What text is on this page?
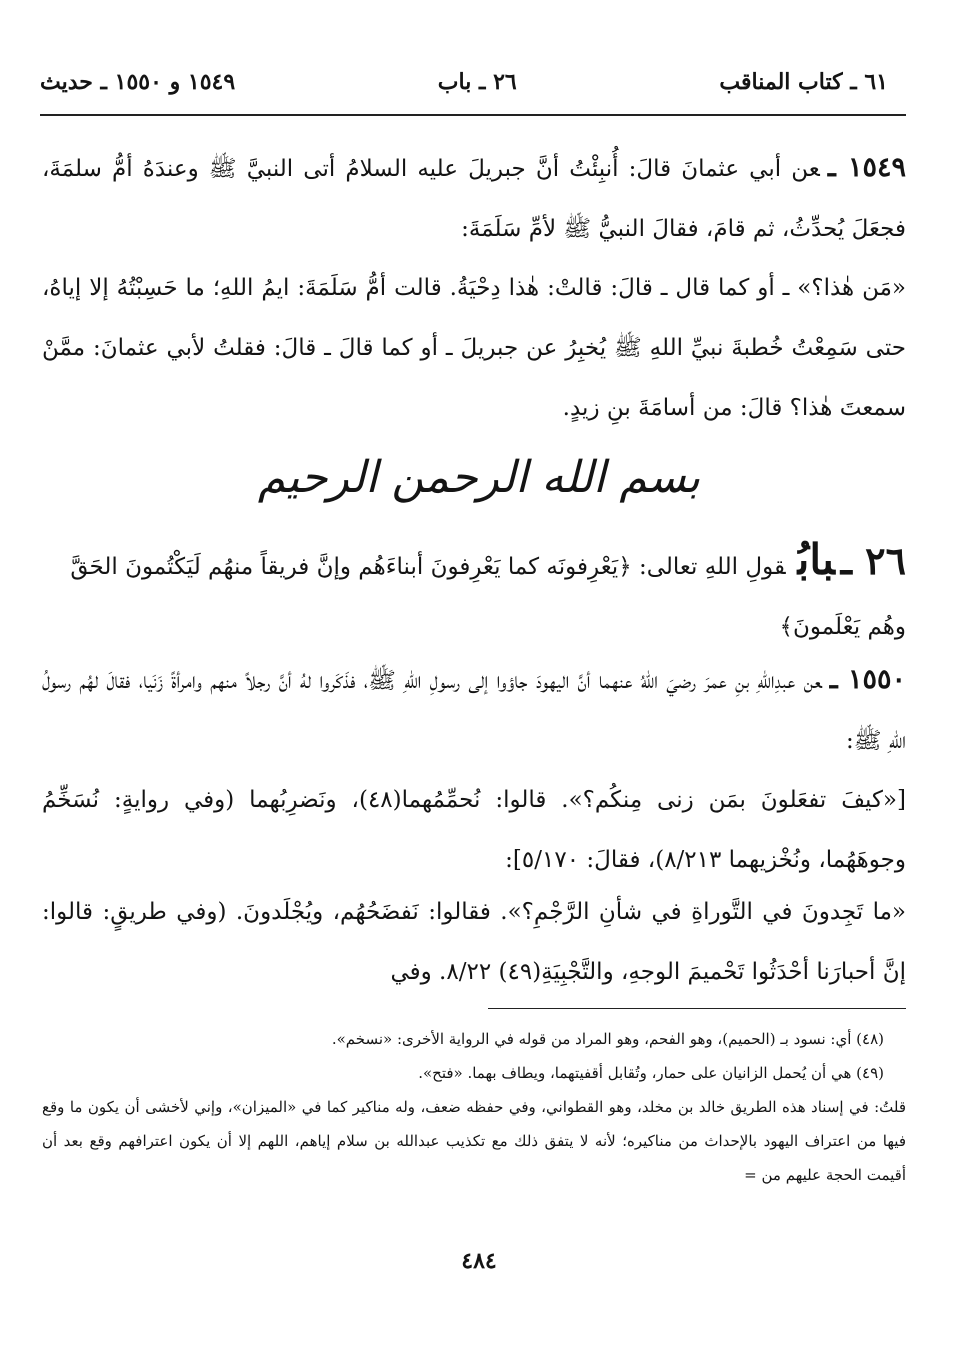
٦١ ـ كتاب المناقب
٢٦ ـ باب
١٥٤٩ و ١٥٥٠ ـ حديث
١٥٤٩ ـعن أبي عثمانَ قالَ: أُنبِئْتُ أنَّ جبريلَ عليه السلامُ أتى النبيَّ ﷺ وعندَهُ أمُّ سلمَةَ، فجعَلَ يُحدِّثُ، ثم قامَ، فقالَ النبيُّ ﷺ لأمِّ سَلَمَةَ:
«مَن هٰذا؟» ـ أو كما قال ـ قالَ: قالتْ: هٰذا دِحْيَةُ. قالت أمُّ سَلَمَةَ: ايمُ اللهِ؛ ما حَسِبْتُهُ إلا إياهُ، حتى سَمِعْتُ خُطبةَ نبيِّ اللهِ ﷺ يُخبِرُ عن جبريلَ ـ أو كما قالَ ـ قالَ: فقلتُ لأبي عثمانَ: ممَّنْ سمعتَ هٰذا؟ قالَ: من أسامَةَ بنِ زيدٍ.
بسم الله الرحمن الرحيم
٢٦ ـبابُقولِ اللهِ تعالى: ﴿يَعْرِفونَه كما يَعْرِفونَ أبناءَهُم وإنَّ فريقاً منهُم لَيَكْتُمونَ الحَقَّ وهُم يَعْلَمونَ﴾
١٥٥٠ ـعن عبدِاللهِ بنِ عمرَ رضيَ اللهُ عنهما أنَّ اليهودَ جاؤوا إلى رسولِ اللهِ ﷺ، فذَكَروا لهُ أنَّ رجلاً منهم وامرأةً زَنَيا، فقالَ لهُم رسولُ اللهِ ﷺ:
[«كيفَ تفعَلونَ بمَن زنى مِنكُم؟». قالوا: نُحمِّمُهما(٤٨)، ونَضرِبُهما (وفي روايةٍ: نُسَخِّمُ وجوهَهُما، ونُخْزيهما ٨/٢١٣)، فقالَ: ٥/١٧٠]:
«ما تَجِدونَ في التَّوراةِ في شأنِ الرَّجْمِ؟». فقالوا: نَفضَحُهُم، ويُجْلَدونَ. (وفي طريقٍ: قالوا: إنَّ أحبارَنا أحْدَثُوا تَحْميمَ الوجهِ، والتَّجْبِيَةِ(٤٩) ٨/٢٢. وفي
(٤٨) أي: نسود بـ (الحميم)، وهو الفحم، وهو المراد من قوله في الرواية الأخرى: «نسخم».
(٤٩) هي أن يُحمل الزانيان على حمار، وتُقابل أقفيتهما، ويطاف بهما. «فتح».
قلتُ: في إسناد هذه الطريق خالد بن مخلد، وهو القطواني، وفي حفظه ضعف، وله مناكير كما في «الميزان»، وإني لأخشى أن يكون ما وقع فيها من اعتراف اليهود بالإحداث من مناكيره؛ لأنه لا يتفق ذلك مع تكذيب عبدالله بن سلام إياهم، اللهم إلا أن يكون اعترافهم وقع بعد أن أقيمت الحجة عليهم من =
٤٨٤
